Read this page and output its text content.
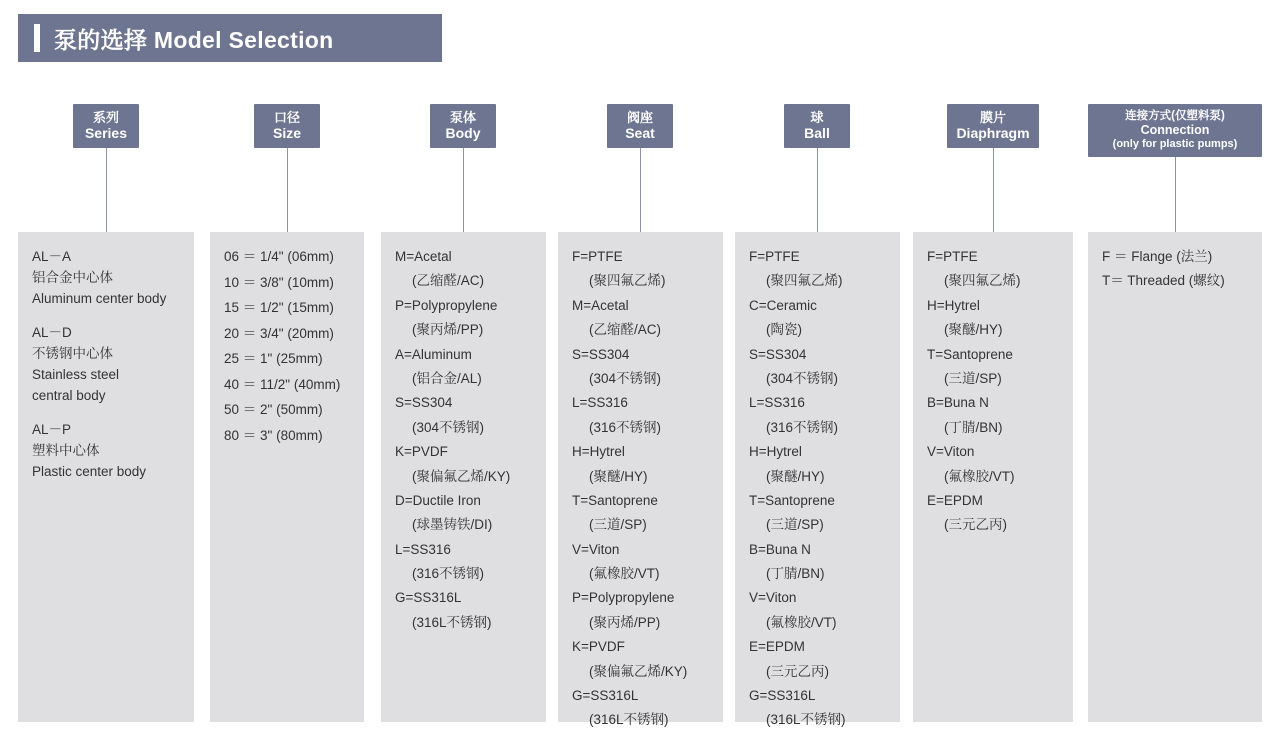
泵的选择 Model Selection
系列
Series
AL－A
铝合金中心体
Aluminum center body
AL－D
不锈钢中心体
Stainless steel
central body
AL－P
塑料中心体
Plastic center body
口径
Size
06 ＝ 1/4" (06mm)
10 ＝ 3/8" (10mm)
15 ＝ 1/2" (15mm)
20 ＝ 3/4" (20mm)
25 ＝ 1" (25mm)
40 ＝ 11/2" (40mm)
50 ＝ 2" (50mm)
80 ＝ 3" (80mm)
泵体
Body
M=Acetal
(乙缩醛/AC)
P=Polypropylene
(聚丙烯/PP)
A=Aluminum
(铝合金/AL)
S=SS304
(304不锈钢)
K=PVDF
(聚偏氟乙烯/KY)
D=Ductile Iron
(球墨铸铁/DI)
L=SS316
(316不锈钢)
G=SS316L
(316L不锈钢)
阀座
Seat
F=PTFE
(聚四氟乙烯)
M=Acetal
(乙缩醛/AC)
S=SS304
(304不锈钢)
L=SS316
(316不锈钢)
H=Hytrel
(聚醚/HY)
T=Santoprene
(三道/SP)
V=Viton
(氟橡胶/VT)
P=Polypropylene
(聚丙烯/PP)
K=PVDF
(聚偏氟乙烯/KY)
G=SS316L
(316L不锈钢)
球
Ball
F=PTFE
(聚四氟乙烯)
C=Ceramic
(陶瓷)
S=SS304
(304不锈钢)
L=SS316
(316不锈钢)
H=Hytrel
(聚醚/HY)
T=Santoprene
(三道/SP)
B=Buna N
(丁腈/BN)
V=Viton
(氟橡胶/VT)
E=EPDM
(三元乙丙)
G=SS316L
(316L不锈钢)
膜片
Diaphragm
F=PTFE
(聚四氟乙烯)
H=Hytrel
(聚醚/HY)
T=Santoprene
(三道/SP)
B=Buna N
(丁腈/BN)
V=Viton
(氟橡胶/VT)
E=EPDM
(三元乙丙)
连接方式(仅塑料泵)
Connection
(only for plastic pumps)
F ＝ Flange (法兰)
T＝ Threaded (螺纹)
